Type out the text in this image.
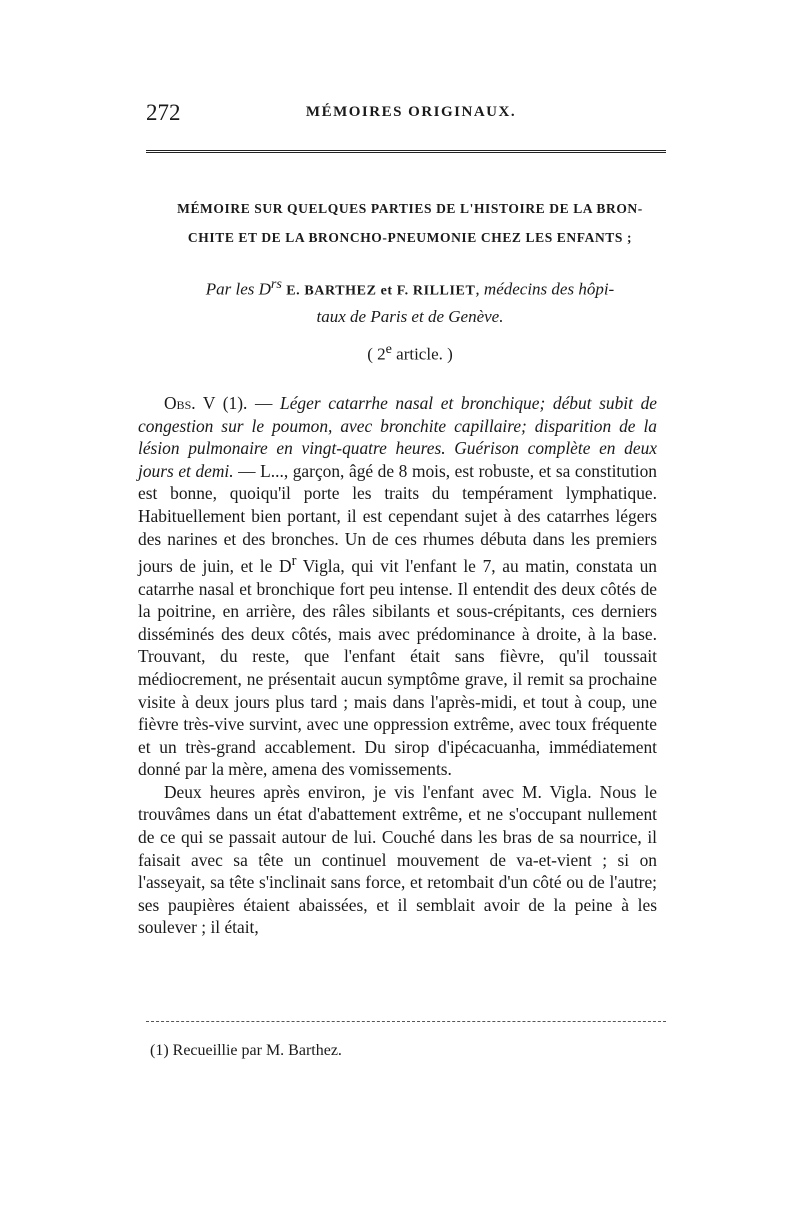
272	MÉMOIRES ORIGINAUX.
MÉMOIRE SUR QUELQUES PARTIES DE L'HISTOIRE DE LA BRON-
CHITE ET DE LA BRONCHO-PNEUMONIE CHEZ LES ENFANTS ;
Par les $D^{rs}$ E. BARTHEZ et F. RILLIET, médecins des hôpi-
taux de Paris et de Genève.
( 2e article. )

Obs. V (1). — Léger catarrhe nasal et bronchique; début subit de congestion sur le poumon, avec bronchite capillaire; disparition de la lésion pulmonaire en vingt-quatre heures. Guérison complète en deux jours et demi. — L..., garçon, âgé de 8 mois, est robuste, et sa constitution est bonne, quoiqu'il porte les traits du tempérament lymphatique. Habituellement bien portant, il est cependant sujet à des catarrhes légers des narines et des bronches. Un de ces rhumes débuta dans les premiers jours de juin, et le $D^r$ Vigla, qui vit l'enfant le 7, au matin, constata un catarrhe nasal et bronchique fort peu intense. Il entendit des deux côtés de la poitrine, en arrière, des râles sibilants et sous-crépitants, ces derniers disséminés des deux côtés, mais avec prédominance à droite, à la base. Trouvant, du reste, que l'enfant était sans fièvre, qu'il toussait médiocrement, ne présentait aucun symptôme grave, il remit sa prochaine visite à deux jours plus tard ; mais dans l'après-midi, et tout à coup, une fièvre très-vive survint, avec une oppression extrême, avec toux fréquente et un très-grand accablement. Du sirop d'ipécacuanha, immédiatement donné par la mère, amena des vomissements.

Deux heures après environ, je vis l'enfant avec M. Vigla. Nous le trouvâmes dans un état d'abattement extrême, et ne s'occupant nullement de ce qui se passait autour de lui. Couché dans les bras de sa nourrice, il faisait avec sa tête un continuel mouvement de va-et-vient ; si on l'asseyait, sa tête s'inclinait sans force, et retombait d'un côté ou de l'autre; ses paupières étaient abaissées, et il semblait avoir de la peine à les soulever ; il était,

(1) Recueillie par M. Barthez.
